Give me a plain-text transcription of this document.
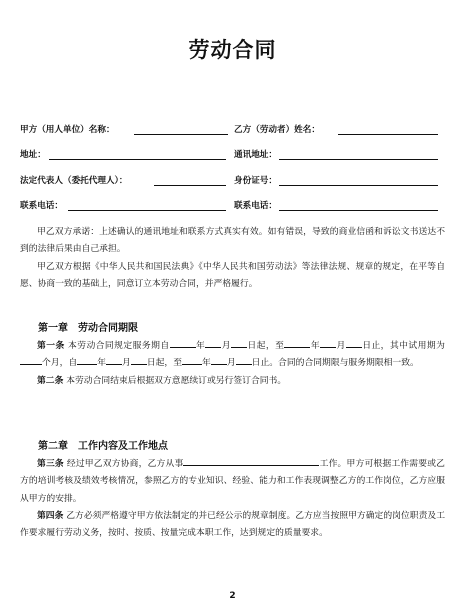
劳动合同
甲方（用人单位）名称：	乙方（劳动者）姓名：
地址：	通讯地址：
法定代表人（委托代理人）：	身份证号：
联系电话：	联系电话：

甲乙双方承诺：上述确认的通讯地址和联系方式真实有效。如有错误，导致的商业信函和诉讼文书送达不到的法律后果由自己承担。

甲乙双方根据《中华人民共和国民法典》《中华人民共和国劳动法》等法律法规、规章的规定，在平等自愿、协商一致的基础上，同意订立本劳动合同，并严格履行。

第一章　劳动合同期限

第一条 本劳动合同规定服务期自	年 月 日起，至	年 月 日止，其中试用期为个月，自 年 月 日起，至 年 月 日止。合同的合同期限与服务期限相一致。

第二条 本劳动合同结束后根据双方意愿续订或另行签订合同书。

第二章　工作内容及工作地点

第三条 经过甲乙双方协商，乙方从事	工作。甲方可根据工作需要或乙方的培训考核及绩效考核情况，参照乙方的专业知识、经验、能力和工作表现调整乙方的工作岗位，乙方应服从甲方的安排。

第四条 乙方必须严格遵守甲方依法制定的并已经公示的规章制度。乙方应当按照甲方确定的岗位职责及工作要求履行劳动义务，按时、按质、按量完成本职工作，达到规定的质量要求。

2
